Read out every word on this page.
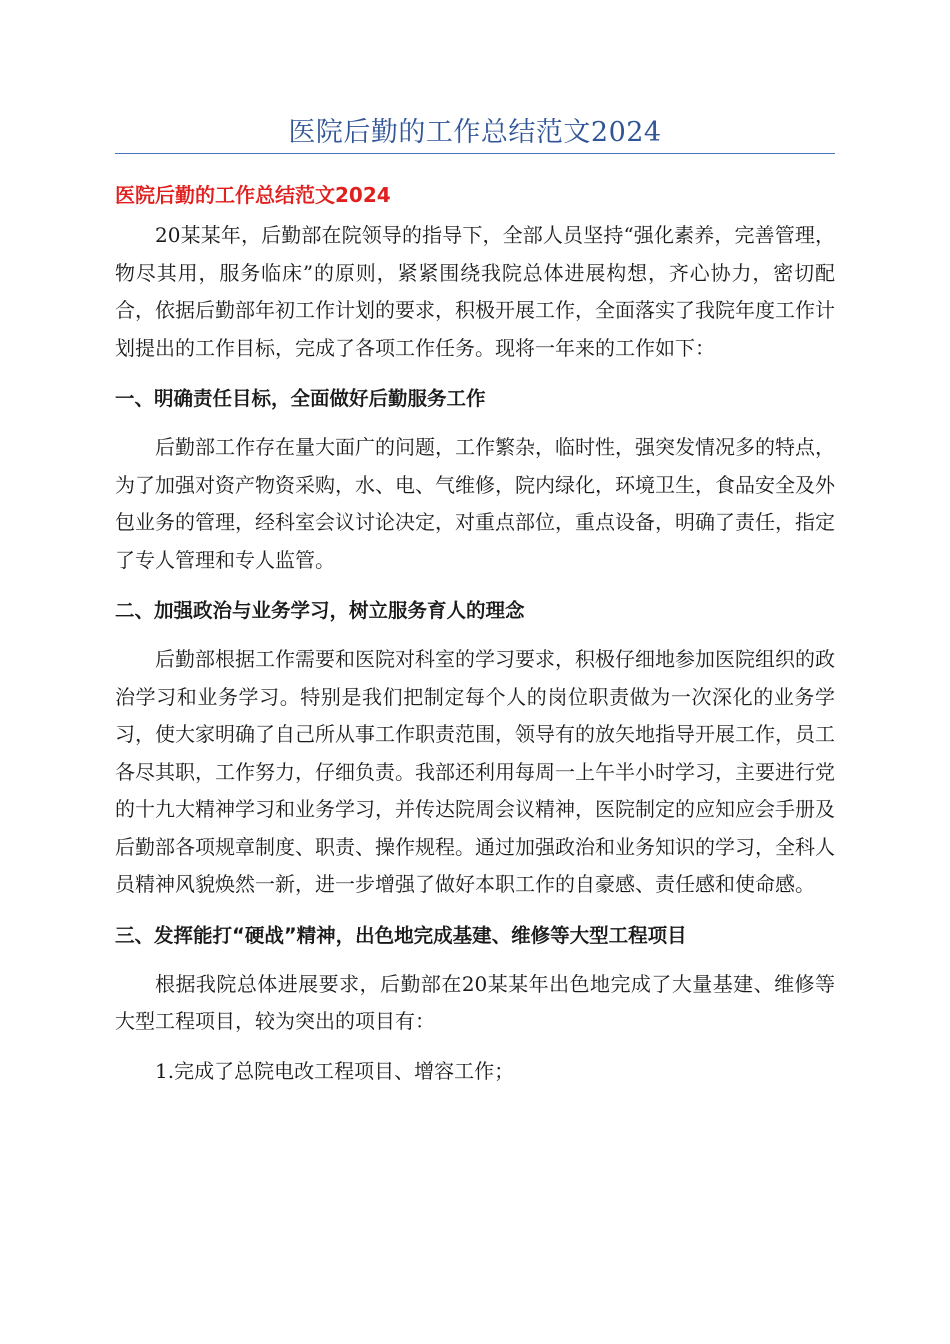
医院后勤的工作总结范文2024
医院后勤的工作总结范文2024

20某某年，后勤部在院领导的指导下，全部人员坚持“强化素养，完善管理，物尽其用，服务临床”的原则，紧紧围绕我院总体进展构想，齐心协力，密切配合，依据后勤部年初工作计划的要求，积极开展工作，全面落实了我院年度工作计划提出的工作目标，完成了各项工作任务。现将一年来的工作如下：

一、明确责任目标，全面做好后勤服务工作

后勤部工作存在量大面广的问题，工作繁杂，临时性，强突发情况多的特点，为了加强对资产物资采购，水、电、气维修，院内绿化，环境卫生，食品安全及外包业务的管理，经科室会议讨论决定，对重点部位，重点设备，明确了责任，指定了专人管理和专人监管。

二、加强政治与业务学习，树立服务育人的理念

后勤部根据工作需要和医院对科室的学习要求，积极仔细地参加医院组织的政治学习和业务学习。特别是我们把制定每个人的岗位职责做为一次深化的业务学习，使大家明确了自己所从事工作职责范围，领导有的放矢地指导开展工作，员工各尽其职，工作努力，仔细负责。我部还利用每周一上午半小时学习，主要进行党的十九大精神学习和业务学习，并传达院周会议精神，医院制定的应知应会手册及后勤部各项规章制度、职责、操作规程。通过加强政治和业务知识的学习，全科人员精神风貌焕然一新，进一步增强了做好本职工作的自豪感、责任感和使命感。

三、发挥能打“硬战”精神，出色地完成基建、维修等大型工程项目

根据我院总体进展要求，后勤部在20某某年出色地完成了大量基建、维修等大型工程项目，较为突出的项目有：

1.完成了总院电改工程项目、增容工作；
